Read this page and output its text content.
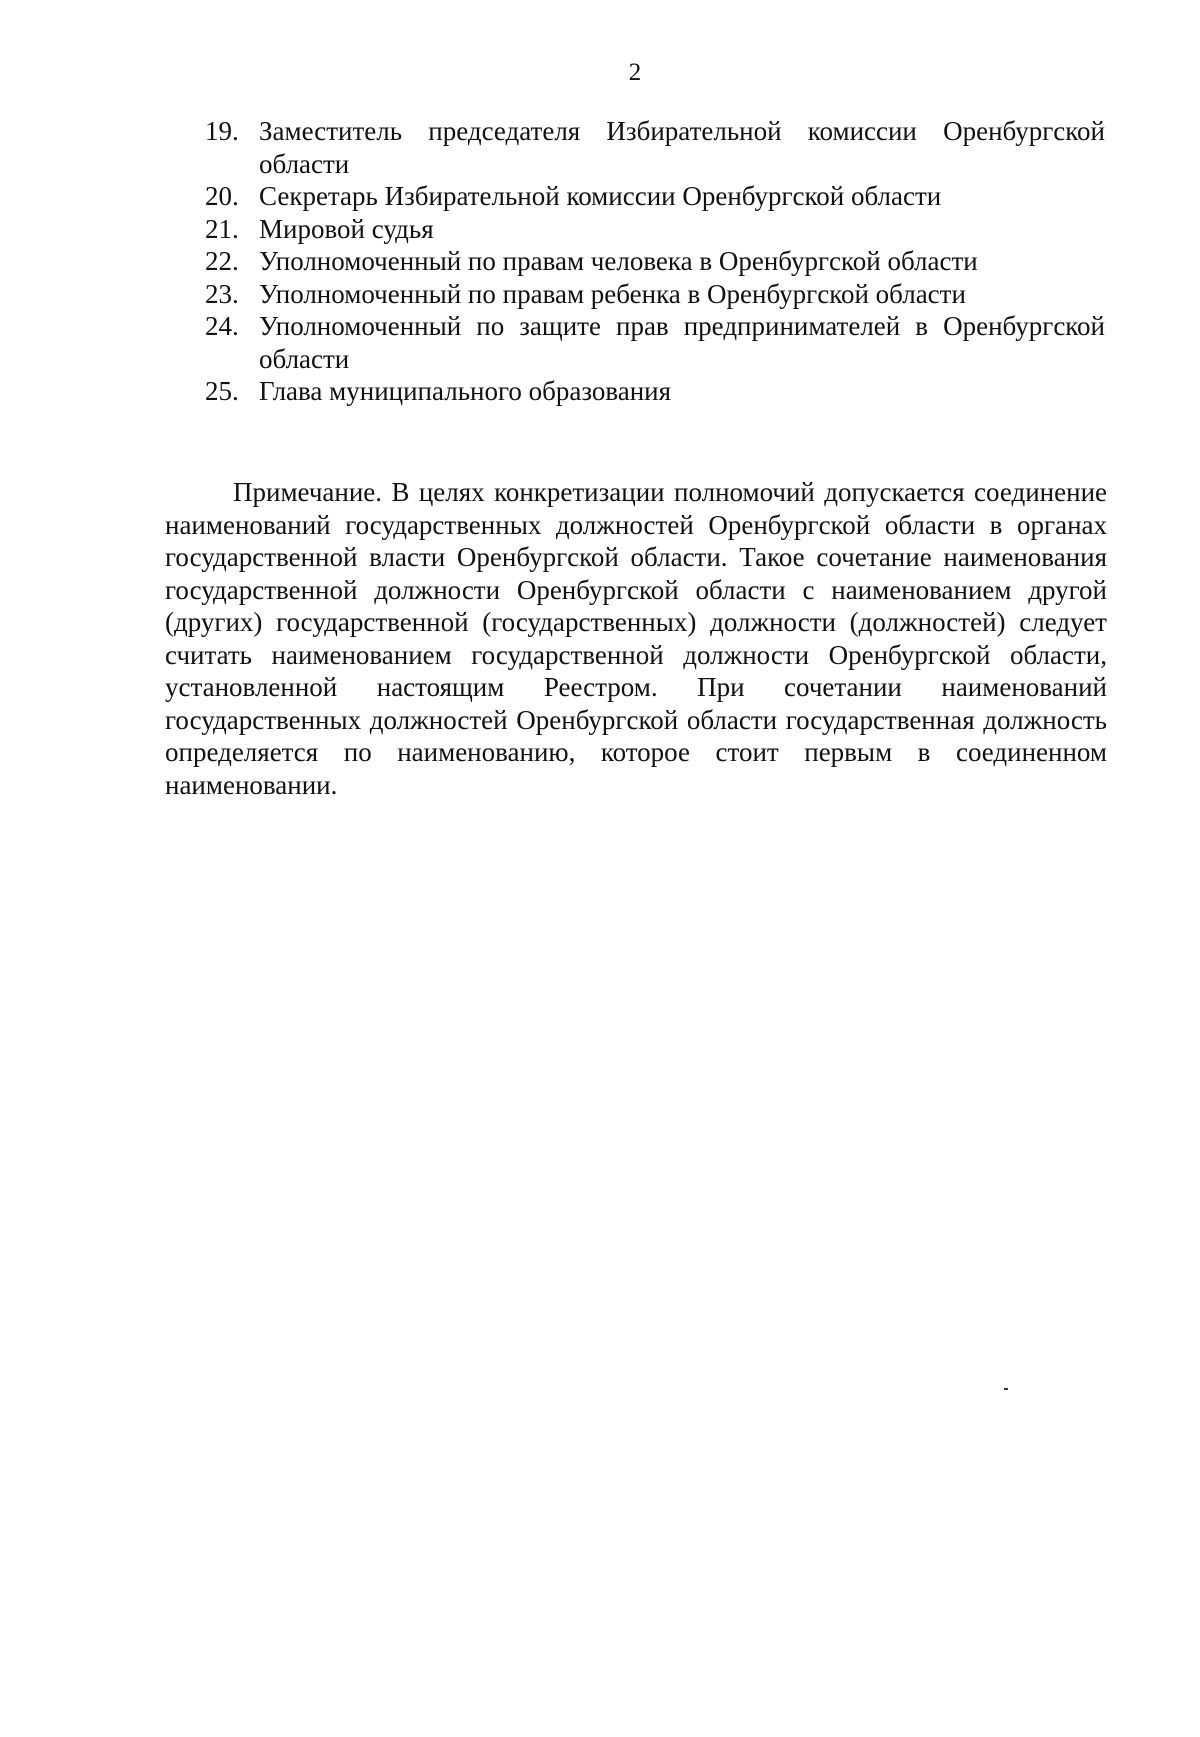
2
19. Заместитель председателя Избирательной комиссии Оренбургской области
20. Секретарь Избирательной комиссии Оренбургской области
21. Мировой судья
22. Уполномоченный по правам человека в Оренбургской области
23. Уполномоченный по правам ребенка в Оренбургской области
24. Уполномоченный по защите прав предпринимателей в Оренбургской области
25. Глава муниципального образования

Примечание. В целях конкретизации полномочий допускается соединение наименований государственных должностей Оренбургской области в органах государственной власти Оренбургской области. Такое сочетание наименования государственной должности Оренбургской области с наименованием другой (других) государственной (государственных) должности (должностей) следует считать наименованием государственной должности Оренбургской области, установленной настоящим Реестром. При сочетании наименований государственных должностей Оренбургской области государственная должность определяется по наименованию, которое стоит первым в соединенном наименовании.
